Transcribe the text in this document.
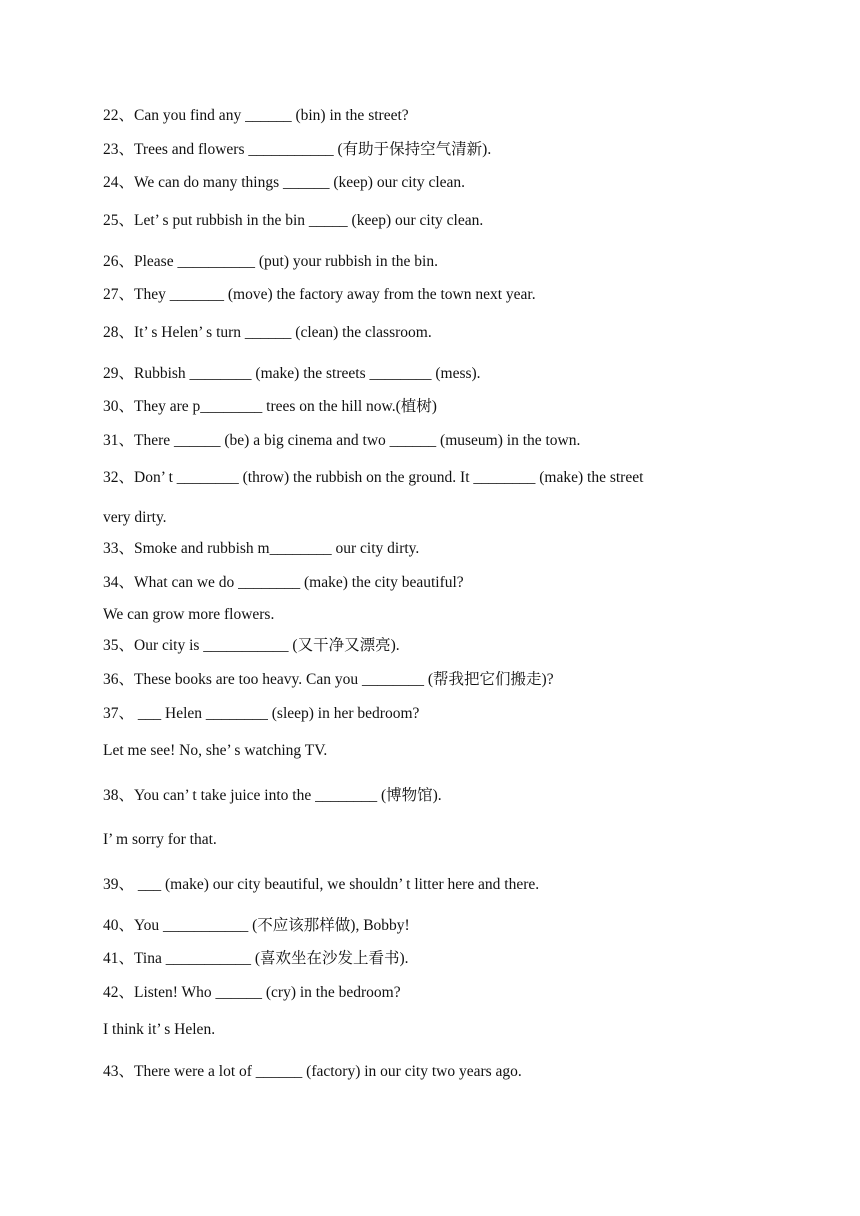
22、Can you find any ______ (bin) in the street?
23、Trees and flowers ___________ (有助于保持空气清新).
24、We can do many things ______ (keep) our city clean.
25、Let’ s put rubbish in the bin _____ (keep) our city clean.
26、Please __________ (put) your rubbish in the bin.
27、They _______ (move) the factory away from the town next year.
28、It’ s Helen’ s turn ______ (clean) the classroom.
29、Rubbish ________ (make) the streets ________ (mess).
30、They are p________ trees on the hill now.(植树)
31、There ______ (be) a big cinema and two ______ (museum) in the town.
32、Don’ t ________ (throw) the rubbish on the ground. It ________ (make) the street
very dirty.
33、Smoke and rubbish m________ our city dirty.
34、What can we do ________ (make) the city beautiful?
We can grow more flowers.
35、Our city is ___________ (又干净又漂亮).
36、These books are too heavy. Can you ________ (帮我把它们搬走)?
37、 ___ Helen ________ (sleep) in her bedroom?
Let me see! No, she’ s watching TV.
38、You can’ t take juice into the ________ (博物馆).
I’ m sorry for that.
39、 ___ (make) our city beautiful, we shouldn’ t litter here and there.
40、You ___________ (不应该那样做), Bobby!
41、Tina ___________ (喜欢坐在沙发上看书).
42、Listen! Who ______ (cry) in the bedroom?
I think it’ s Helen.
43、There were a lot of ______ (factory) in our city two years ago.
